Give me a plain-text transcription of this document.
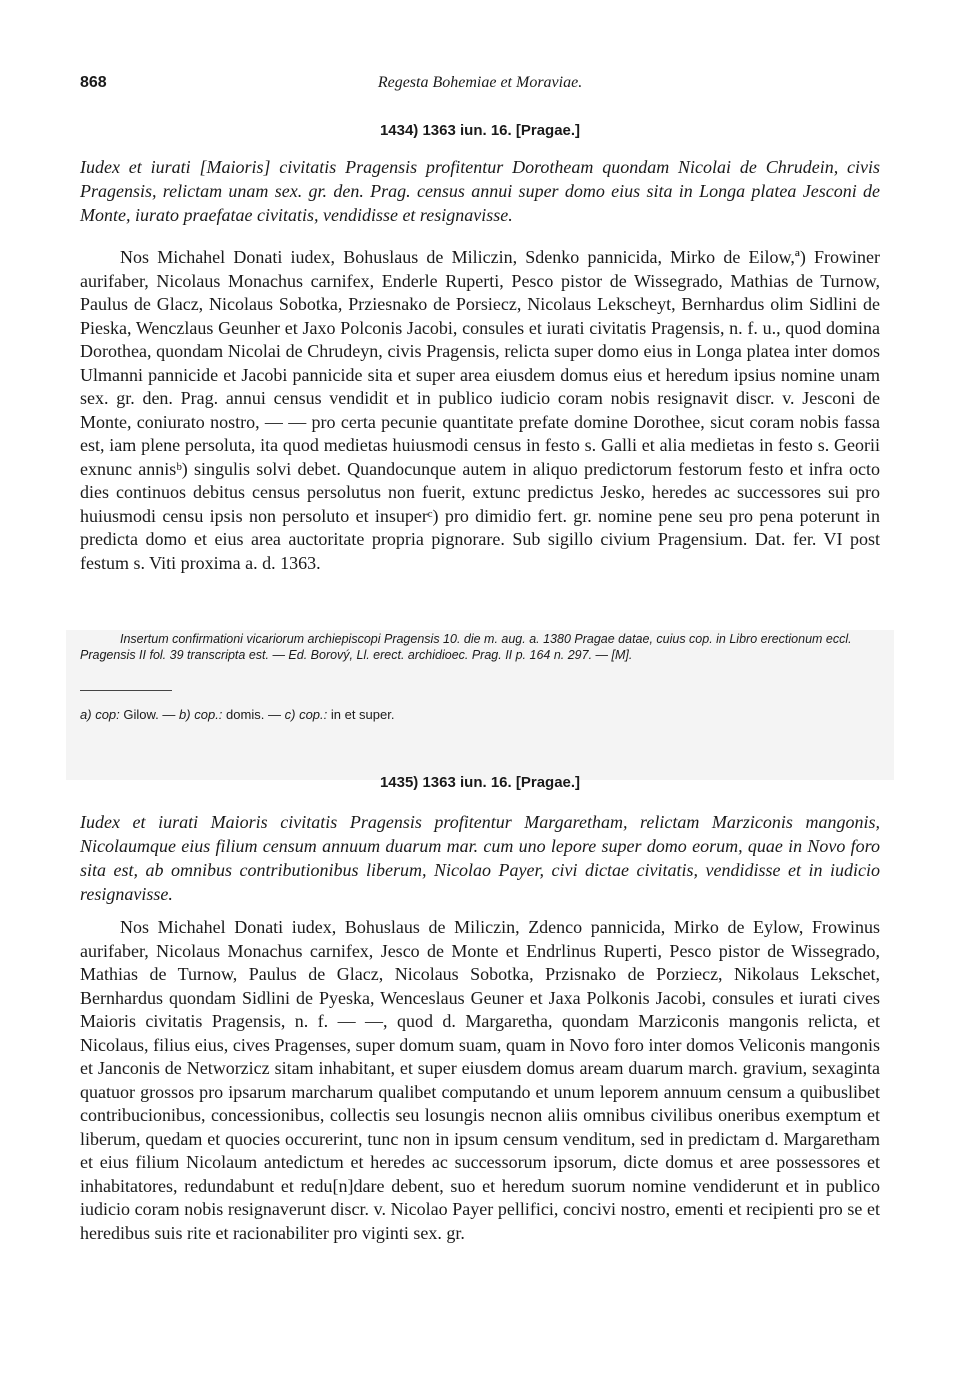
868	Regesta Bohemiae et Moraviae.
1434) 1363 iun. 16. [Pragae.]

Iudex et iurati [Maioris] civitatis Pragensis profitentur Dorotheam quondam Nicolai de Chrudein, civis Pragensis, relictam unam sex. gr. den. Prag. census annui super domo eius sita in Longa platea Jesconi de Monte, iurato praefatae civitatis, vendidisse et resignavisse.

Nos Michahel Donati iudex, Bohuslaus de Miliczin, Sdenko pannicida, Mirko de Eilow,ª) Frowiner aurifaber, Nicolaus Monachus carnifex, Enderle Ruperti, Pesco pistor de Wissegrado, Mathias de Turnow, Paulus de Glacz, Nicolaus Sobotka, Prziesnako de Porsiecz, Nicolaus Lekscheyt, Bernhardus olim Sidlini de Pieska, Wenczlaus Geunher et Jaxo Polconis Jacobi, consules et iurati civitatis Pragensis, n. f. u., quod domina Dorothea, quondam Nicolai de Chrudeyn, civis Pragensis, relicta super domo eius in Longa platea inter domos Ulmanni pannicide et Jacobi pannicide sita et super area eiusdem domus eius et heredum ipsius nomine unam sex. gr. den. Prag. annui census vendidit et in publico iudicio coram nobis resignavit discr. v. Jesconi de Monte, coniurato nostro, — — pro certa pecunie quantitate prefate domine Dorothee, sicut coram nobis fassa est, iam plene persoluta, ita quod medietas huiusmodi census in festo s. Galli et alia medietas in festo s. Georii exnunc annisᵇ) singulis solvi debet. Quandocunque autem in aliquo predictorum festorum festo et infra octo dies continuos debitus census persolutus non fuerit, extunc predictus Jesko, heredes ac successores sui pro huiusmodi censu ipsis non persoluto et insuperᶜ) pro dimidio fert. gr. nomine pene seu pro pena poterunt in predicta domo et eius area auctoritate propria pignorare. Sub sigillo civium Pragensium. Dat. fer. VI post festum s. Viti proxima a. d. 1363.

Insertum confirmationi vicariorum archiepiscopi Pragensis 10. die m. aug. a. 1380 Pragae datae, cuius cop. in Libro erectionum eccl. Pragensis II fol. 39 transcripta est. — Ed. Borový, Ll. erect. archidioec. Prag. II p. 164 n. 297. — [M].

a) cop: Gilow. — b) cop.: domis. — c) cop.: in et super.

1435) 1363 iun. 16. [Pragae.]

Iudex et iurati Maioris civitatis Pragensis profitentur Margaretham, relictam Marziconis mangonis, Nicolaumque eius filium censum annuum duarum mar. cum uno lepore super domo eorum, quae in Novo foro sita est, ab omnibus contributionibus liberum, Nicolao Payer, civi dictae civitatis, vendidisse et in iudicio resignavisse.

Nos Michahel Donati iudex, Bohuslaus de Miliczin, Zdenco pannicida, Mirko de Eylow, Frowinus aurifaber, Nicolaus Monachus carnifex, Jesco de Monte et Endrlinus Ruperti, Pesco pistor de Wissegrado, Mathias de Turnow, Paulus de Glacz, Nicolaus Sobotka, Przisnako de Porziecz, Nikolaus Lekschet, Bernhardus quondam Sidlini de Pyeska, Wenceslaus Geuner et Jaxa Polkonis Jacobi, consules et iurati cives Maioris civitatis Pragensis, n. f. — —, quod d. Margaretha, quondam Marziconis mangonis relicta, et Nicolaus, filius eius, cives Pragenses, super domum suam, quam in Novo foro inter domos Veliconis mangonis et Janconis de Networzicz sitam inhabitant, et super eiusdem domus aream duarum march. gravium, sexaginta quatuor grossos pro ipsarum marcharum qualibet computando et unum leporem annuum censum a quibuslibet contribucionibus, concessionibus, collectis seu losungis necnon aliis omnibus civilibus oneribus exemptum et liberum, quedam et quocies occurerint, tunc non in ipsum censum venditum, sed in predictam d. Margaretham et eius filium Nicolaum antedictum et heredes ac successorum ipsorum, dicte domus et aree possessores et inhabitatores, redundabunt et redu[n]dare debent, suo et heredum suorum nomine vendiderunt et in publico iudicio coram nobis resignaverunt discr. v. Nicolao Payer pellifici, concivi nostro, ementi et recipienti pro se et heredibus suis rite et racionabiliter pro viginti sex. gr.
